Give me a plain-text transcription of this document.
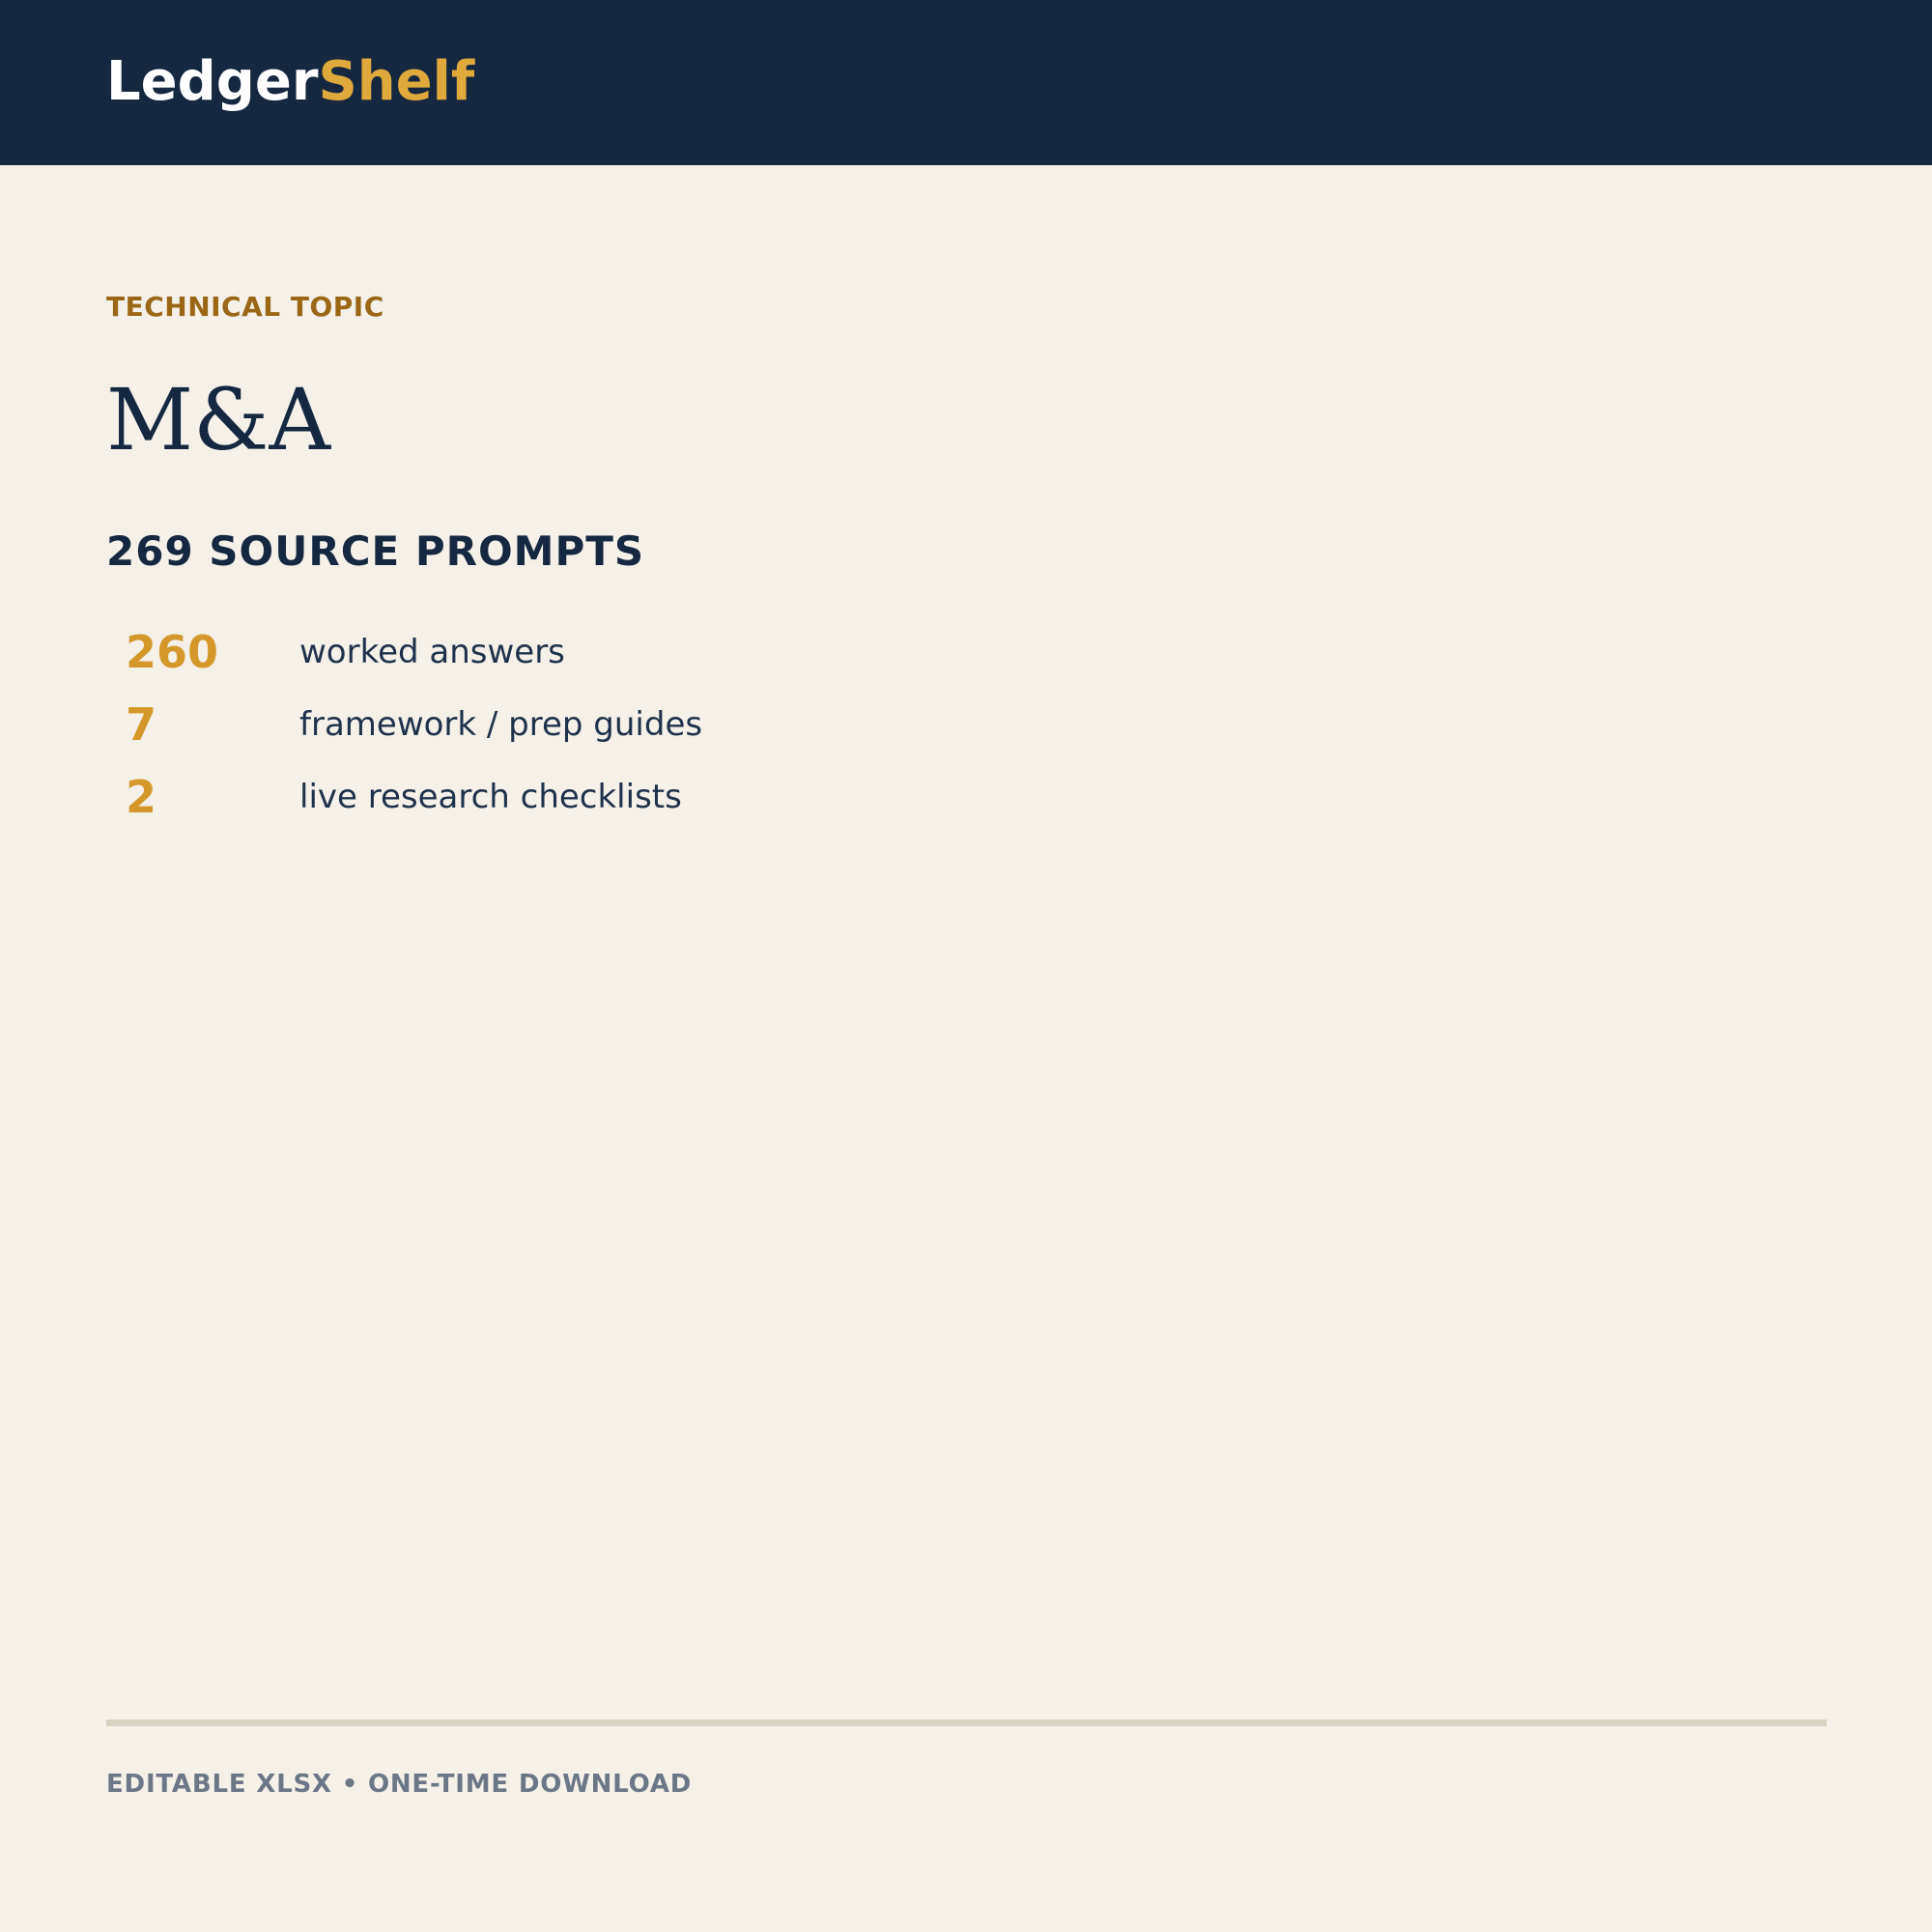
LedgerShelf
TECHNICAL TOPIC
M&A
269 SOURCE PROMPTS
260 worked answers
7	framework / prep guides
2	live research checklists
EDITABLE XLSX • ONE-TIME DOWNLOAD
